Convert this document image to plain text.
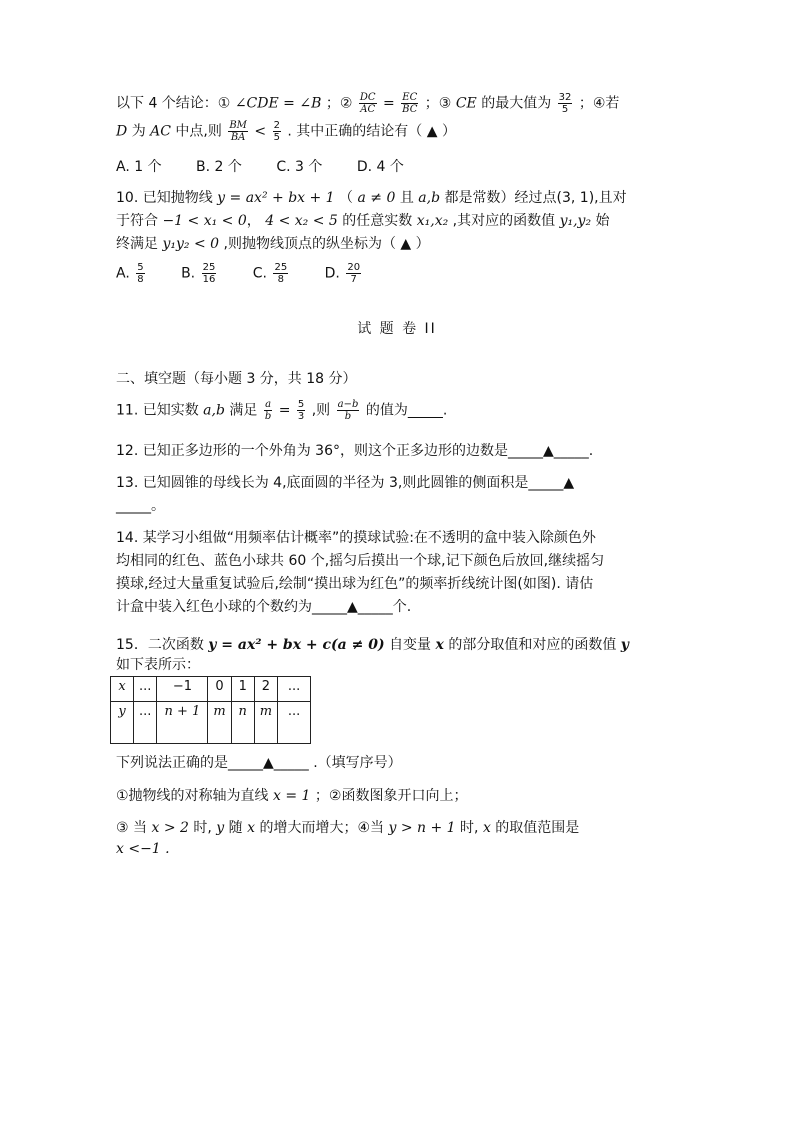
以下 4 个结论：① ∠CDE = ∠B ；② $\frac{DC}{AC} = \frac{EC}{BC}$ ；③ CE 的最大值为 $\frac{32}{5}$ ；④若
D 为 AC 中点,则 $\frac{BM}{BA} < \frac{2}{5}$ . 其中正确的结论有（ ▲ ）
A. 1 个 B. 2 个 C. 3 个 D. 4 个
10. 已知抛物线 y = ax² + bx + 1 （ a ≠ 0 且 a,b 都是常数）经过点(3, 1),且对
于符合 −1 < x₁ < 0， 4 < x₂ < 5 的任意实数 x₁,x₂ ,其对应的函数值 y₁,y₂ 始
终满足 y₁y₂ < 0 ,则抛物线顶点的纵坐标为（ ▲ ）
A. $\frac{5}{8}$	B. $\frac{25}{16}$	C. $\frac{25}{8}$	D. $\frac{20}{7}$
试 题 卷 II
二、填空题（每小题 3 分，共 18 分）
11. 已知实数 a,b 满足 $\frac{a}{b} = \frac{5}{3}$ ,则 $\frac{a-b}{b}$ 的值为_____.
12. 已知正多边形的一个外角为 36°，则这个正多边形的边数是_____▲_____.
13. 已知圆锥的母线长为 4,底面圆的半径为 3,则此圆锥的侧面积是_____▲
_____。
14. 某学习小组做“用频率估计概率”的摸球试验:在不透明的盒中装入除颜色外
均相同的红色、蓝色小球共 60 个,摇匀后摸出一个球,记下颜色后放回,继续摇匀
摸球,经过大量重复试验后,绘制“摸出球为红色”的频率折线统计图(如图). 请估
计盒中装入红色小球的个数约为_____▲_____个.
15．二次函数 y = ax² + bx + c(a ≠ 0) 自变量 x 的部分取值和对应的函数值 y
如下表所示：
x	...	−1	0	1	2	...
y	...	n + 1	m	n	m	...
下列说法正确的是_____▲_____ .（填写序号）
①抛物线的对称轴为直线 x = 1 ；②函数图象开口向上；
③ 当 x > 2 时, y 随 x 的增大而增大；④当 y > n + 1 时, x 的取值范围是
x <−1 .
